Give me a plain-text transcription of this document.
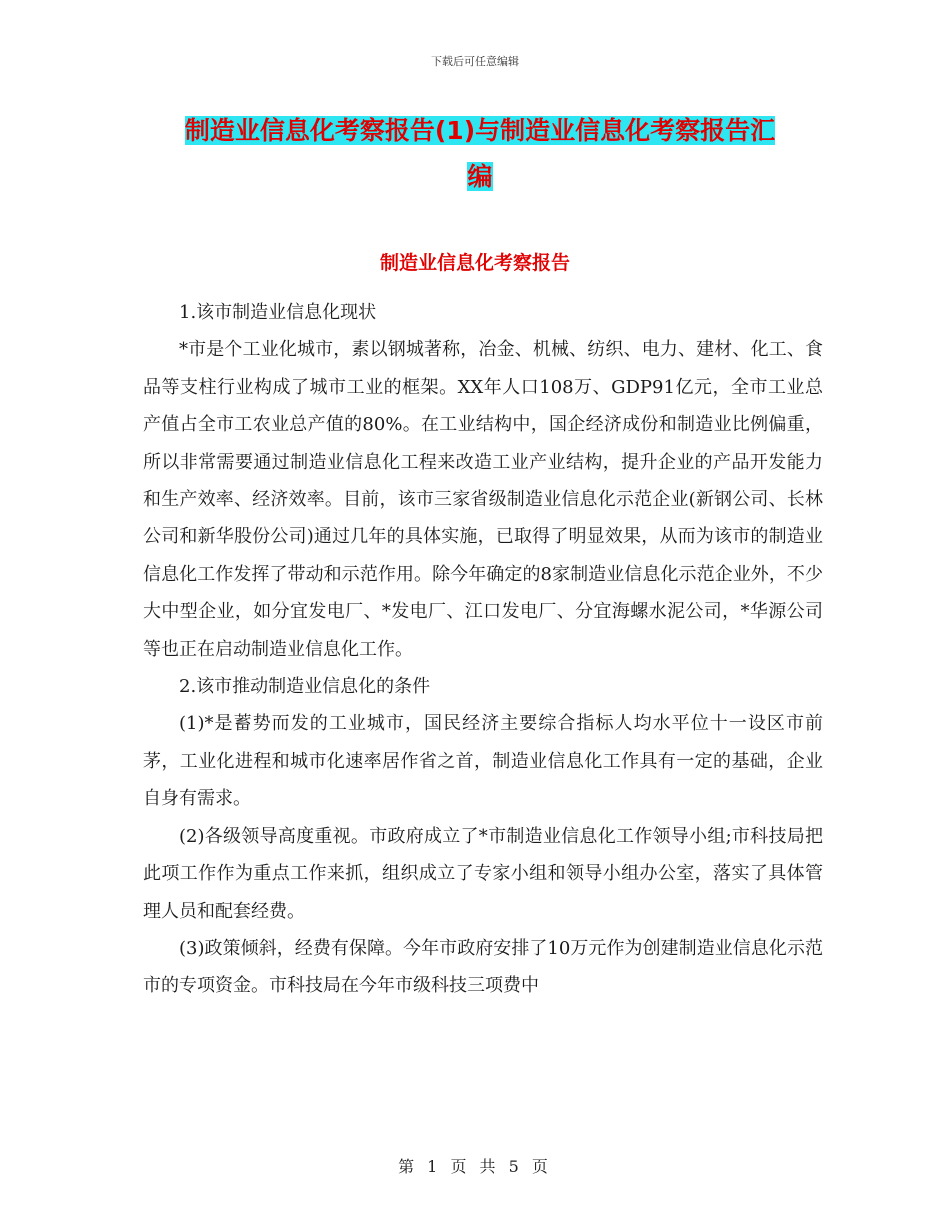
下载后可任意编辑
制造业信息化考察报告(1)与制造业信息化考察报告汇
编
制造业信息化考察报告

1.该市制造业信息化现状

*市是个工业化城市，素以钢城著称，冶金、机械、纺织、电力、建材、化工、食品等支柱行业构成了城市工业的框架。XX年人口108万、GDP91亿元，全市工业总产值占全市工农业总产值的80%。在工业结构中，国企经济成份和制造业比例偏重，所以非常需要通过制造业信息化工程来改造工业产业结构，提升企业的产品开发能力和生产效率、经济效率。目前，该市三家省级制造业信息化示范企业(新钢公司、长林公司和新华股份公司)通过几年的具体实施，已取得了明显效果，从而为该市的制造业信息化工作发挥了带动和示范作用。除今年确定的8家制造业信息化示范企业外，不少大中型企业，如分宜发电厂、*发电厂、江口发电厂、分宜海螺水泥公司，*华源公司等也正在启动制造业信息化工作。

2.该市推动制造业信息化的条件

(1)*是蓄势而发的工业城市，国民经济主要综合指标人均水平位十一设区市前茅，工业化进程和城市化速率居作省之首，制造业信息化工作具有一定的基础，企业自身有需求。

(2)各级领导高度重视。市政府成立了*市制造业信息化工作领导小组;市科技局把此项工作作为重点工作来抓，组织成立了专家小组和领导小组办公室，落实了具体管理人员和配套经费。

(3)政策倾斜，经费有保障。今年市政府安排了10万元作为创建制造业信息化示范市的专项资金。市科技局在今年市级科技三项费中

第 1 页 共 5 页
